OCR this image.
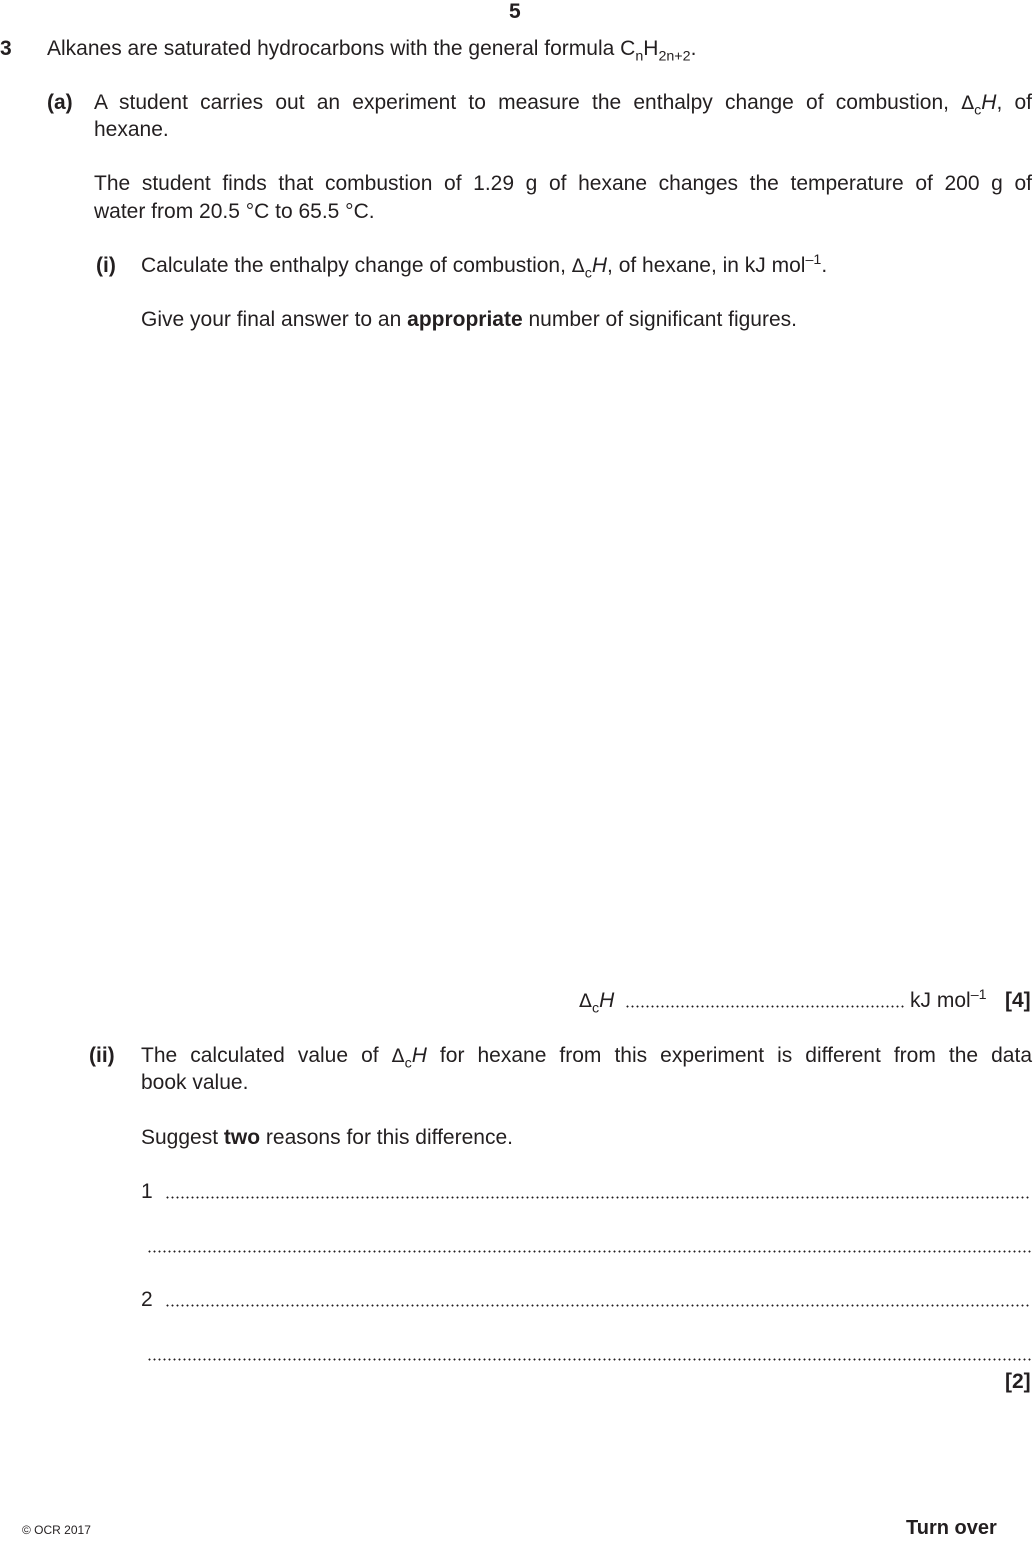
5
3 Alkanes are saturated hydrocarbons with the general formula $C_nH_{2n+2}$.
(a) A student carries out an experiment to measure the enthalpy change of combustion, $\Delta_cH$, of
hexane.
The student finds that combustion of 1.29 g of hexane changes the temperature of 200 g of
water from 20.5 °C to 65.5 °C.
(i) Calculate the enthalpy change of combustion, $\Delta_cH$, of hexane, in kJ mol$^{-1}$.
Give your final answer to an appropriate number of significant figures.
$\Delta_cH$	kJ mol$^{-1}$ [4]
(ii) The calculated value of $\Delta_cH$ for hexane from this experiment is different from the data
book value.
Suggest two reasons for this difference.
1
2
[2]
© OCR 2017	Turn over
